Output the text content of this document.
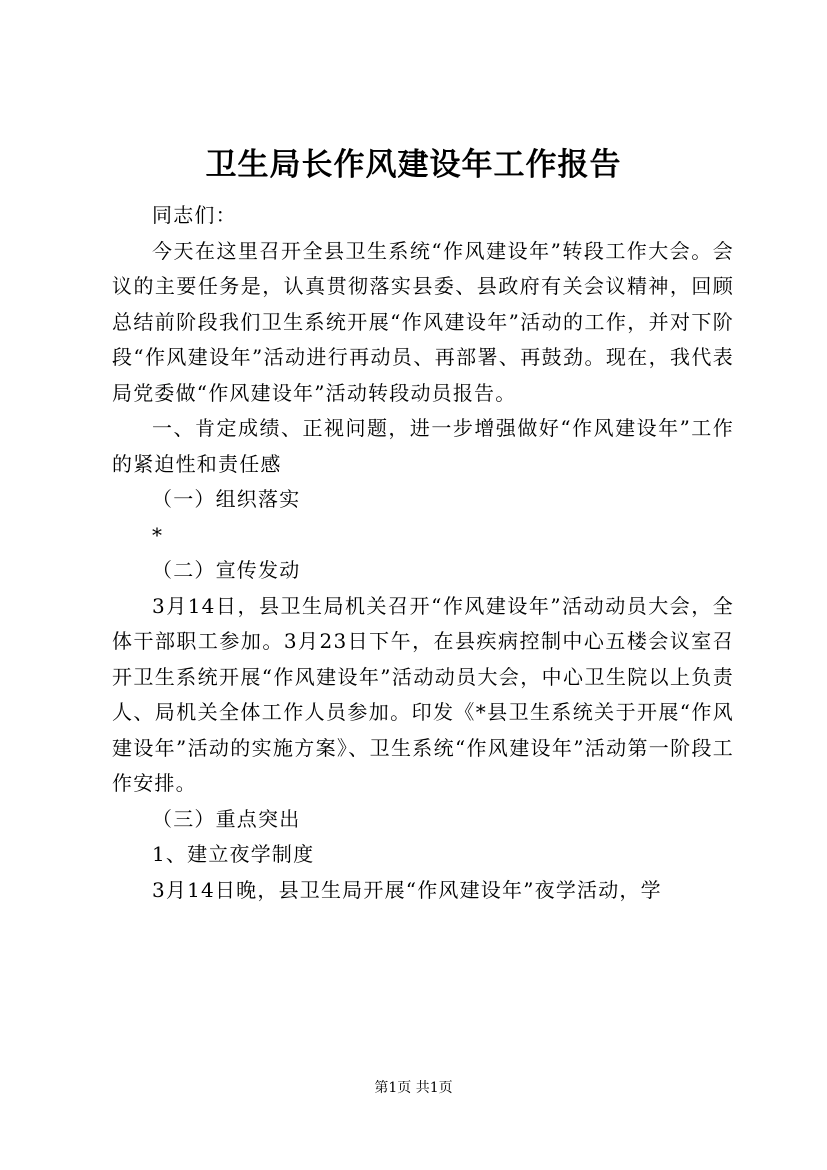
卫生局长作风建设年工作报告

同志们：

今天在这里召开全县卫生系统“作风建设年”转段工作大会。会议的主要任务是，认真贯彻落实县委、县政府有关会议精神，回顾总结前阶段我们卫生系统开展“作风建设年”活动的工作，并对下阶段“作风建设年”活动进行再动员、再部署、再鼓劲。现在，我代表局党委做“作风建设年”活动转段动员报告。

一、肯定成绩、正视问题，进一步增强做好“作风建设年”工作的紧迫性和责任感

（一）组织落实

*

（二）宣传发动

3月14日，县卫生局机关召开“作风建设年”活动动员大会，全体干部职工参加。3月23日下午，在县疾病控制中心五楼会议室召开卫生系统开展“作风建设年”活动动员大会，中心卫生院以上负责人、局机关全体工作人员参加。印发《*县卫生系统关于开展“作风建设年”活动的实施方案》、卫生系统“作风建设年”活动第一阶段工作安排。

（三）重点突出

1、建立夜学制度

3月14日晚，县卫生局开展“作风建设年”夜学活动，学

第1页 共1页
